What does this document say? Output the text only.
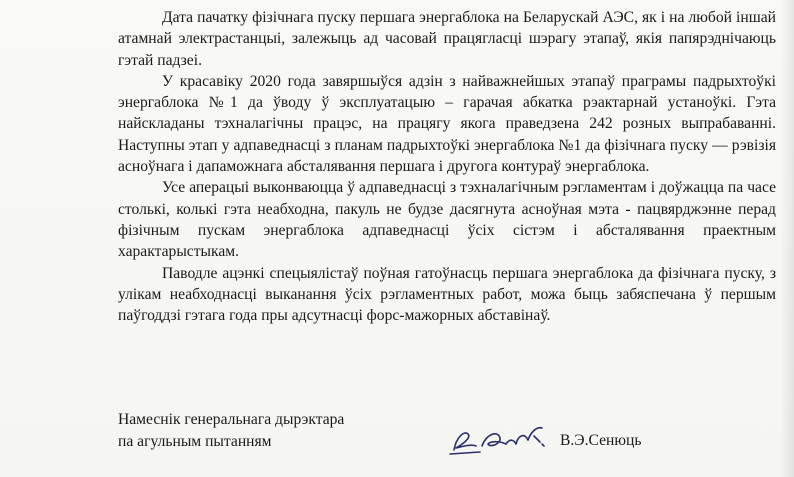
Дата пачатку фізічнага пуску першага энергаблока на Беларускай АЭС, як і на любой іншай атамнай электрастанцыі, залежыць ад часовай працягласці шэрагу этапаў, якія папярэднічаюць гэтай падзеі.

У красавіку 2020 года завяршыўся адзін з найважнейшых этапаў праграмы падрыхтоўкі энергаблока №1 да ўводу ў эксплуатацыю – гарачая абкатка рэактарнай устаноўкі. Гэта найскладаны тэхналагічны працэс, на працягу якога праведзена 242 розных выпрабаванні. Наступны этап у адпаведнасці з планам падрыхтоўкі энергаблока №1 да фізічнага пуску — рэвізія асноўнага і дапаможнага абсталявання першага і другога контураў энергаблока.

Усе аперацыі выконваюцца ў адпаведнасці з тэхналагічным рэгламентам і доўжацца па часе столькі, колькі гэта неабходна, пакуль не будзе дасягнута асноўная мэта - пацвярджэнне перад фізічным пускам энергаблока адпаведнасці ўсіх сістэм і абсталявання праектным характарыстыкам.

Паводле ацэнкі спецыялістаў поўная гатоўнасць першага энергаблока да фізічнага пуску, з улікам неабходнасці выканання ўсіх рэгламентных работ, можа быць забяспечана ў першым паўгоддзі гэтага года пры адсутнасці форс-мажорных абставінаў.

Намеснік генеральнага дырэктара
па агульным пытанням	В.Э.Сенюць
